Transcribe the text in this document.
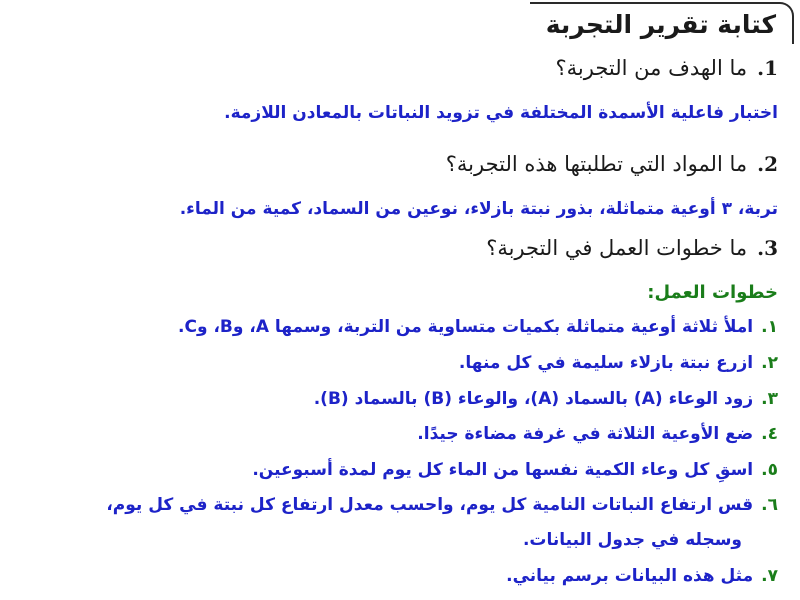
كتابة تقرير التجربة
1.ما الهدف من التجربة؟
اختبار فاعلية الأسمدة المختلفة في تزويد النباتات بالمعادن اللازمة.
2.ما المواد التي تطلبتها هذه التجربة؟
تربة، ٣ أوعية متماثلة، بذور نبتة بازلاء، نوعين من السماد، كمية من الماء.
3.ما خطوات العمل في التجربة؟
خطوات العمل:
١.املأ ثلاثة أوعية متماثلة بكميات متساوية من التربة، وسمها A، وB، وC.
٢.ازرع نبتة بازلاء سليمة في كل منها.
٣.زود الوعاء (A) بالسماد (A)، والوعاء (B) بالسماد (B).
٤.ضع الأوعية الثلاثة في غرفة مضاءة جيدًا.
٥.اسقِ كل وعاء الكمية نفسها من الماء كل يوم لمدة أسبوعين.
٦.قس ارتفاع النباتات النامية كل يوم، واحسب معدل ارتفاع كل نبتة في كل يوم،
وسجله في جدول البيانات.
٧.مثل هذه البيانات برسم بياني.
